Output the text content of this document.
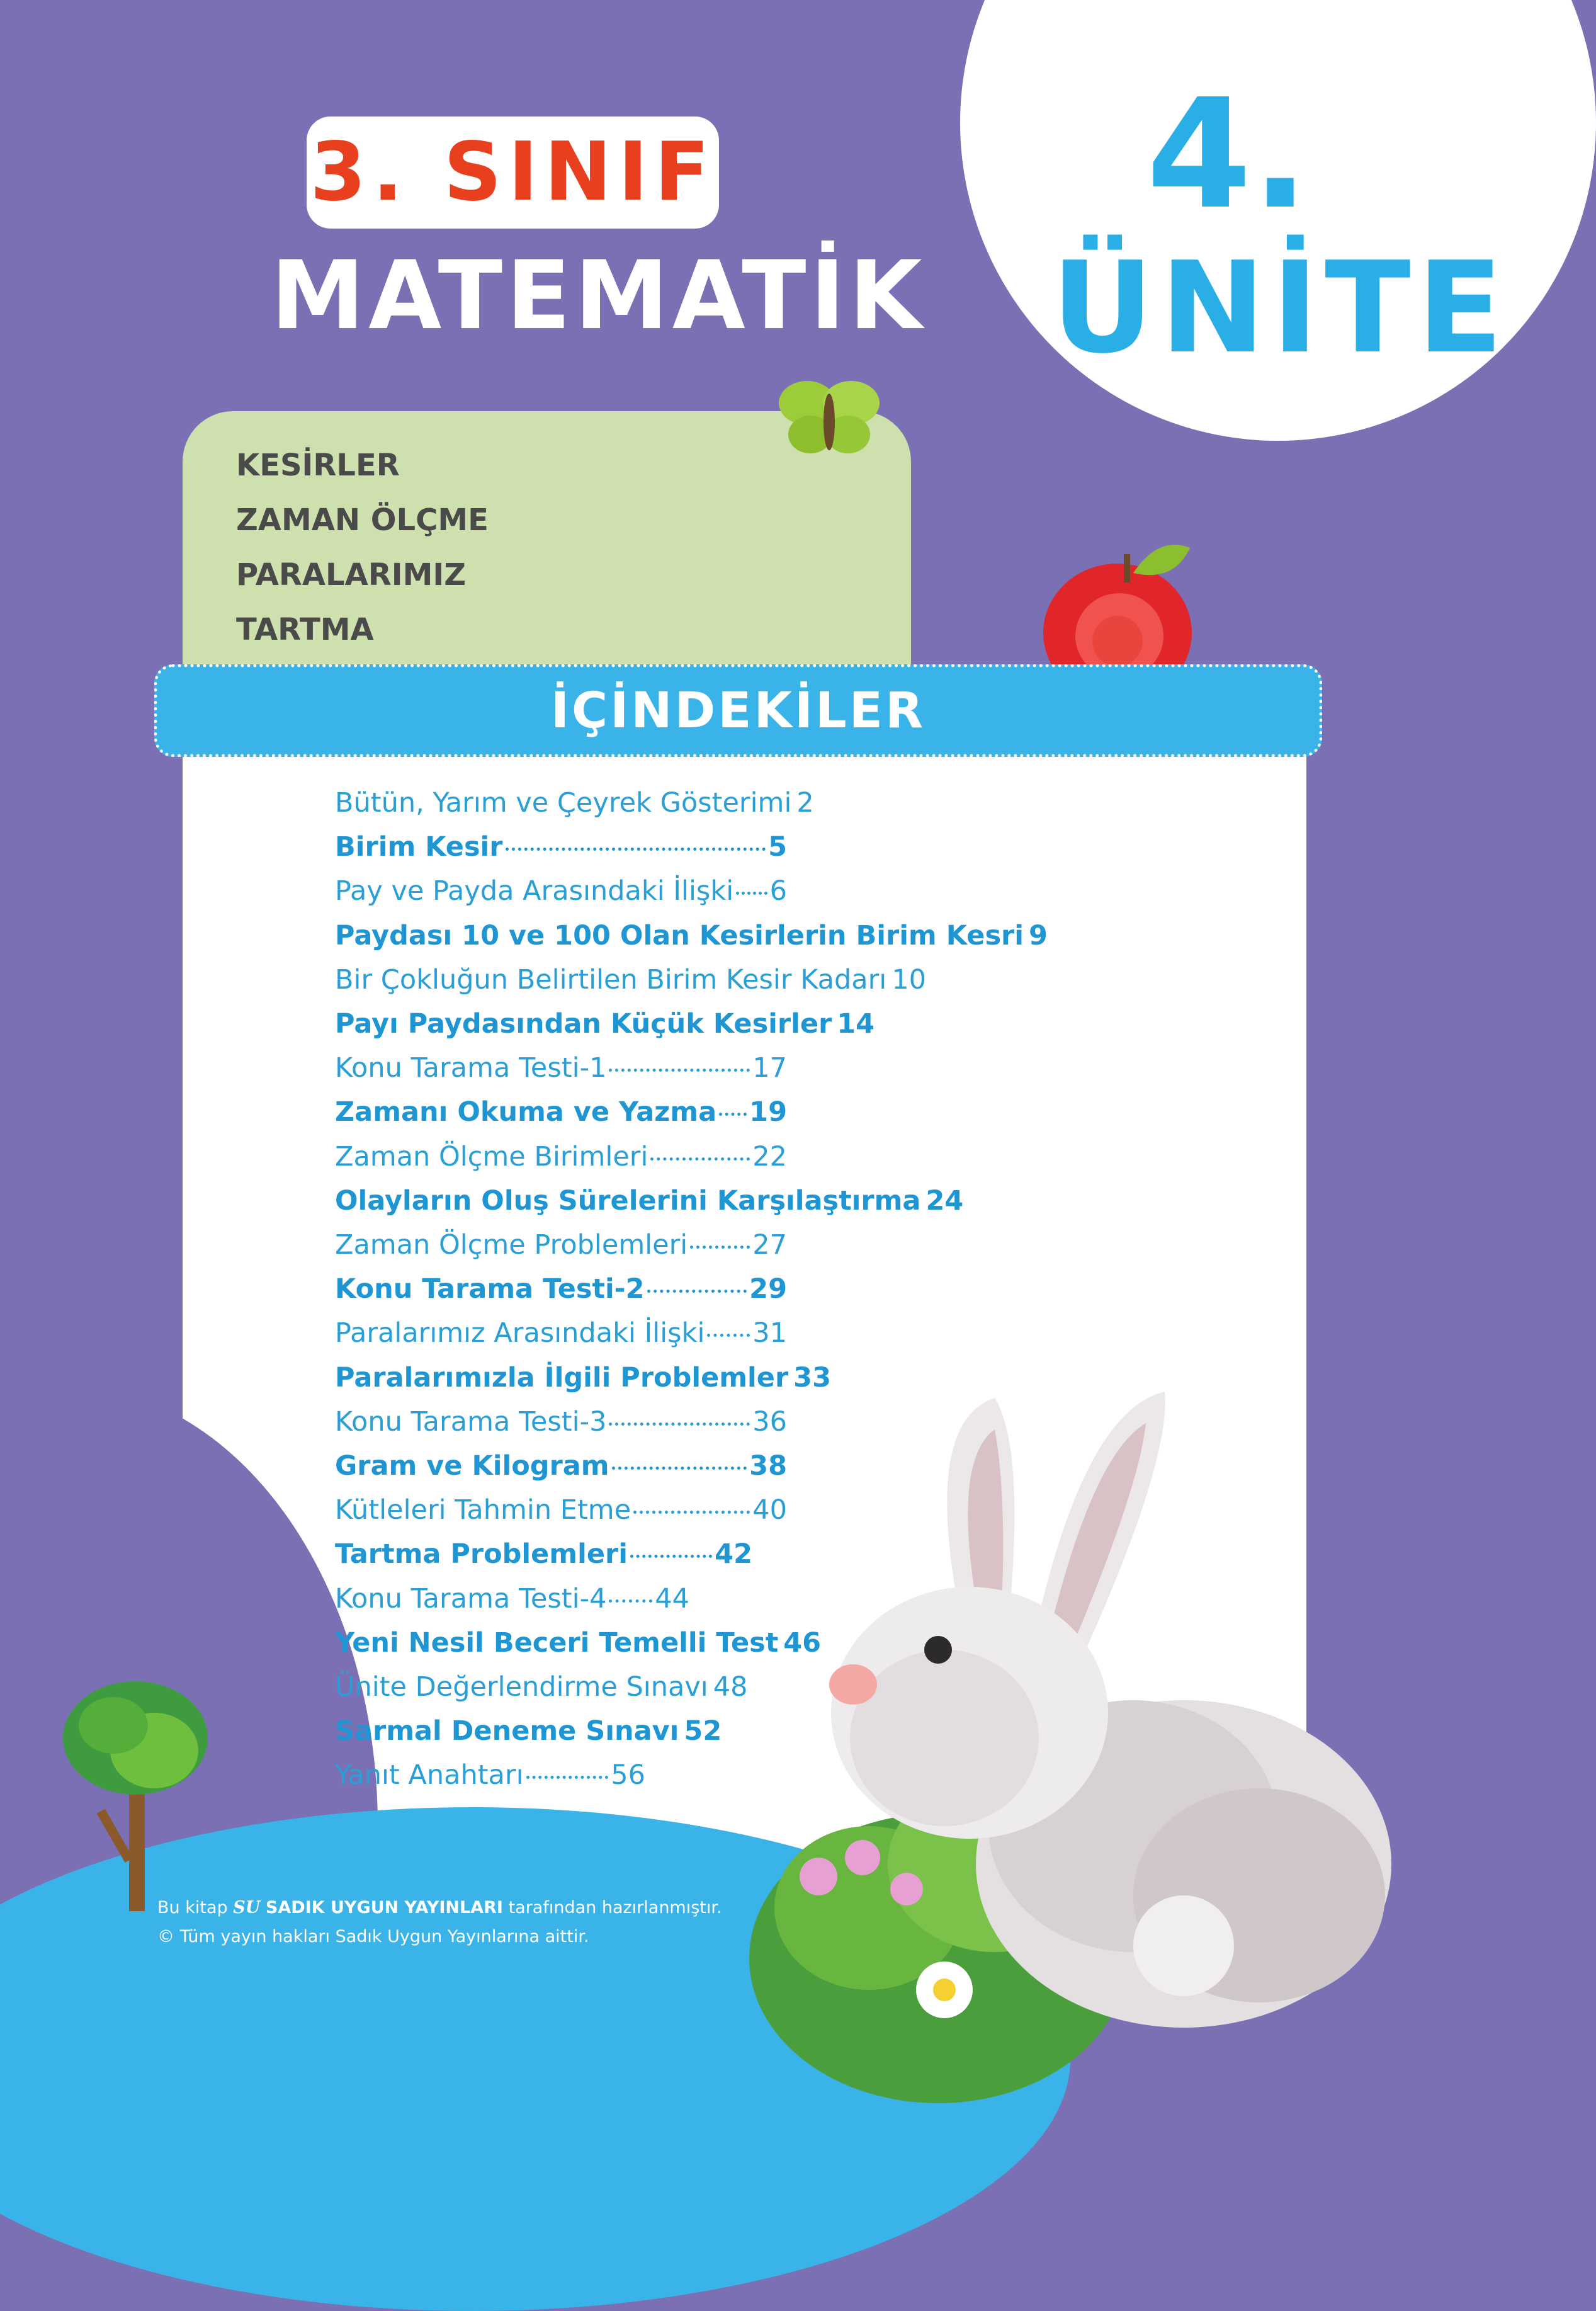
3. SINIF
MATEMATİK
4.
ÜNİTE
KESİRLER
ZAMAN ÖLÇME
PARALARIMIZ
TARTMA
İÇİNDEKİLER
Bütün, Yarım ve Çeyrek Gösterimi 2
Birim Kesir	5
Pay ve Payda Arasındaki İlişki 6
Paydası 10 ve 100 Olan Kesirlerin Birim Kesri 9
Bir Çokluğun Belirtilen Birim Kesir Kadarı 10
Payı Paydasından Küçük Kesirler 14
Konu Tarama Testi-1	17
Zamanı Okuma ve Yazma 19
Zaman Ölçme Birimleri	22
Olayların Oluş Sürelerini Karşılaştırma 24
Zaman Ölçme Problemleri 27
Konu Tarama Testi-2	29
Paralarımız Arasındaki İlişki 31
Paralarımızla İlgili Problemler 33
Konu Tarama Testi-3	36
Gram ve Kilogram	38
Kütleleri Tahmin Etme	40
Tartma Problemleri	42
Konu Tarama Testi-4 44
Yeni Nesil Beceri Temelli Test 46
Ünite Değerlendirme Sınavı 48
Sarmal Deneme Sınavı 52
Yanıt Anahtarı	56
Bu kitap SU SADIK UYGUN YAYINLARI tarafından hazırlanmıştır.
© Tüm yayın hakları Sadık Uygun Yayınlarına aittir.
